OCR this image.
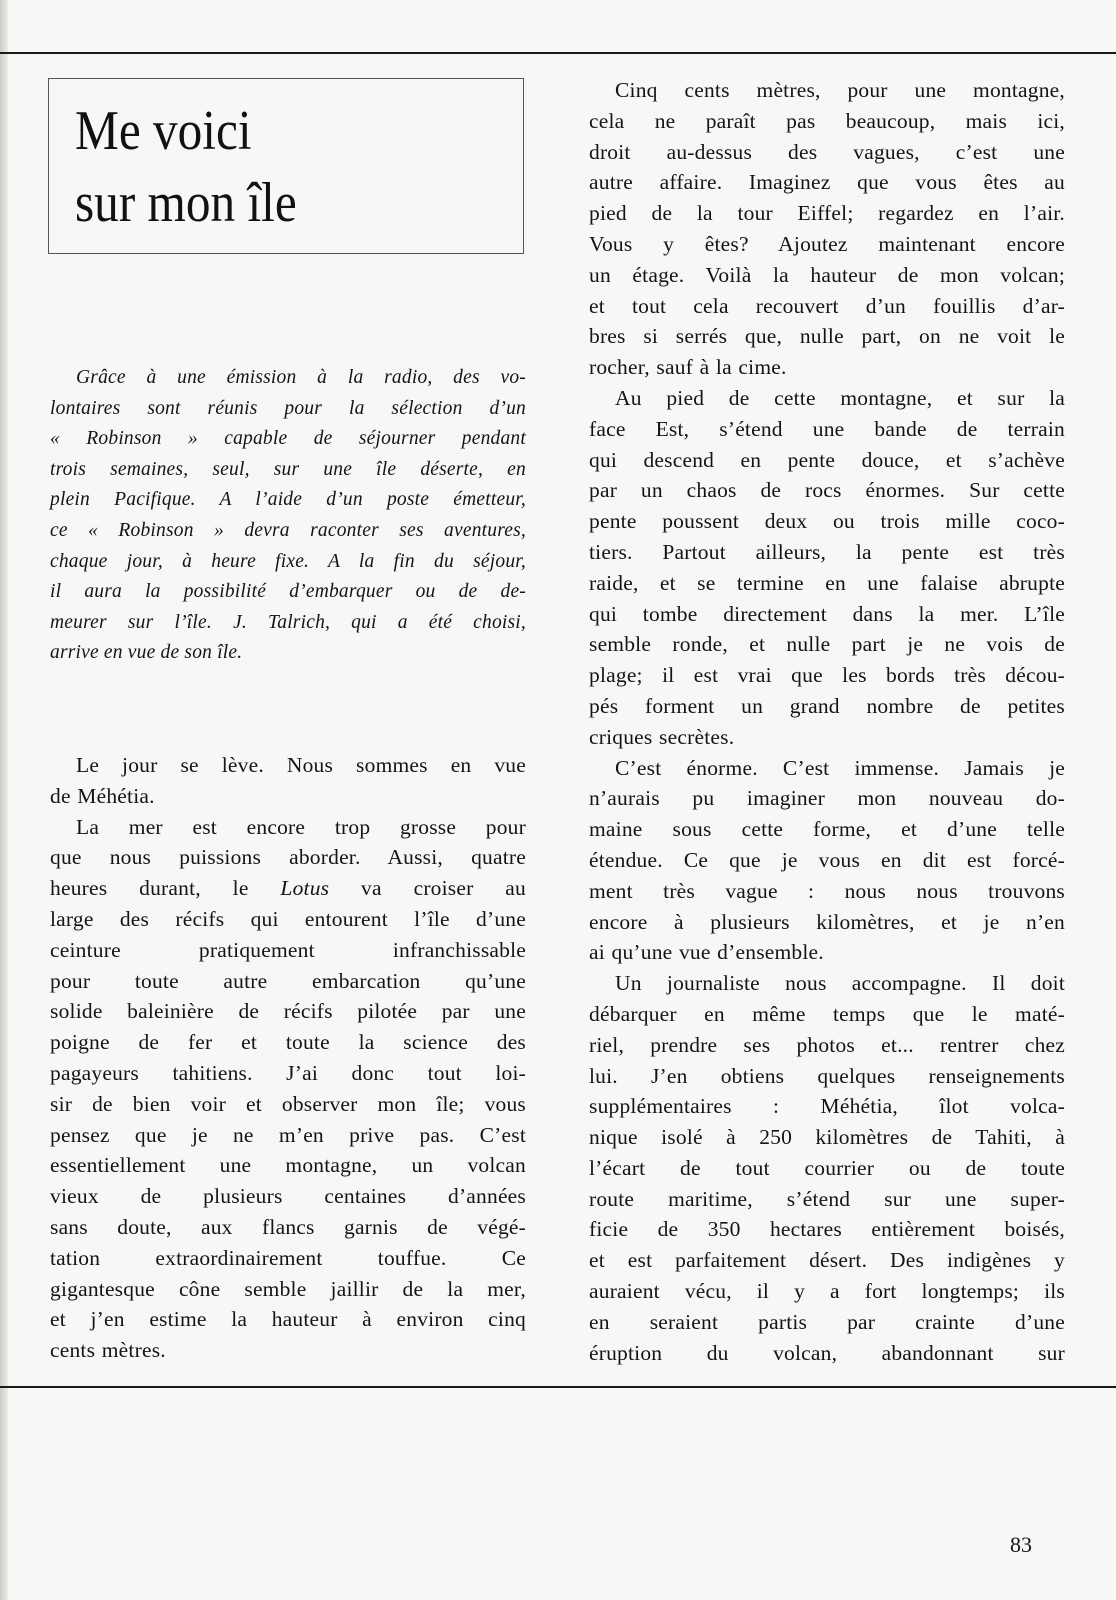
Me voici
sur mon île
Grâce à une émission à la radio, des vo-
lontaires sont réunis pour la sélection d’un
« Robinson » capable de séjourner pendant
trois semaines, seul, sur une île déserte, en
plein Pacifique. A l’aide d’un poste émetteur,
ce « Robinson » devra raconter ses aventures,
chaque jour, à heure fixe. A la fin du séjour,
il aura la possibilité d’embarquer ou de de-
meurer sur l’île. J. Talrich, qui a été choisi,
arrive en vue de son île.
Le jour se lève. Nous sommes en vue
de Méhétia.
La mer est encore trop grosse pour
que nous puissions aborder. Aussi, quatre
heures durant, le Lotus va croiser au
large des récifs qui entourent l’île d’une
ceinture pratiquement infranchissable
pour toute autre embarcation qu’une
solide baleinière de récifs pilotée par une
poigne de fer et toute la science des
pagayeurs tahitiens. J’ai donc tout loi-
sir de bien voir et observer mon île; vous
pensez que je ne m’en prive pas. C’est
essentiellement une montagne, un volcan
vieux de plusieurs centaines d’années
sans doute, aux flancs garnis de végé-
tation extraordinairement touffue. Ce
gigantesque cône semble jaillir de la mer,
et j’en estime la hauteur à environ cinq
cents mètres.
Cinq cents mètres, pour une montagne,
cela ne paraît pas beaucoup, mais ici,
droit au-dessus des vagues, c’est une
autre affaire. Imaginez que vous êtes au
pied de la tour Eiffel; regardez en l’air.
Vous y êtes? Ajoutez maintenant encore
un étage. Voilà la hauteur de mon volcan;
et tout cela recouvert d’un fouillis d’ar-
bres si serrés que, nulle part, on ne voit le
rocher, sauf à la cime.
Au pied de cette montagne, et sur la
face Est, s’étend une bande de terrain
qui descend en pente douce, et s’achève
par un chaos de rocs énormes. Sur cette
pente poussent deux ou trois mille coco-
tiers. Partout ailleurs, la pente est très
raide, et se termine en une falaise abrupte
qui tombe directement dans la mer. L’île
semble ronde, et nulle part je ne vois de
plage; il est vrai que les bords très décou-
pés forment un grand nombre de petites
criques secrètes.
C’est énorme. C’est immense. Jamais je
n’aurais pu imaginer mon nouveau do-
maine sous cette forme, et d’une telle
étendue. Ce que je vous en dit est forcé-
ment très vague : nous nous trouvons
encore à plusieurs kilomètres, et je n’en
ai qu’une vue d’ensemble.
Un journaliste nous accompagne. Il doit
débarquer en même temps que le maté-
riel, prendre ses photos et... rentrer chez
lui. J’en obtiens quelques renseignements
supplémentaires : Méhétia, îlot volca-
nique isolé à 250 kilomètres de Tahiti, à
l’écart de tout courrier ou de toute
route maritime, s’étend sur une super-
ficie de 350 hectares entièrement boisés,
et est parfaitement désert. Des indigènes y
auraient vécu, il y a fort longtemps; ils
en seraient partis par crainte d’une
éruption du volcan, abandonnant sur
83
